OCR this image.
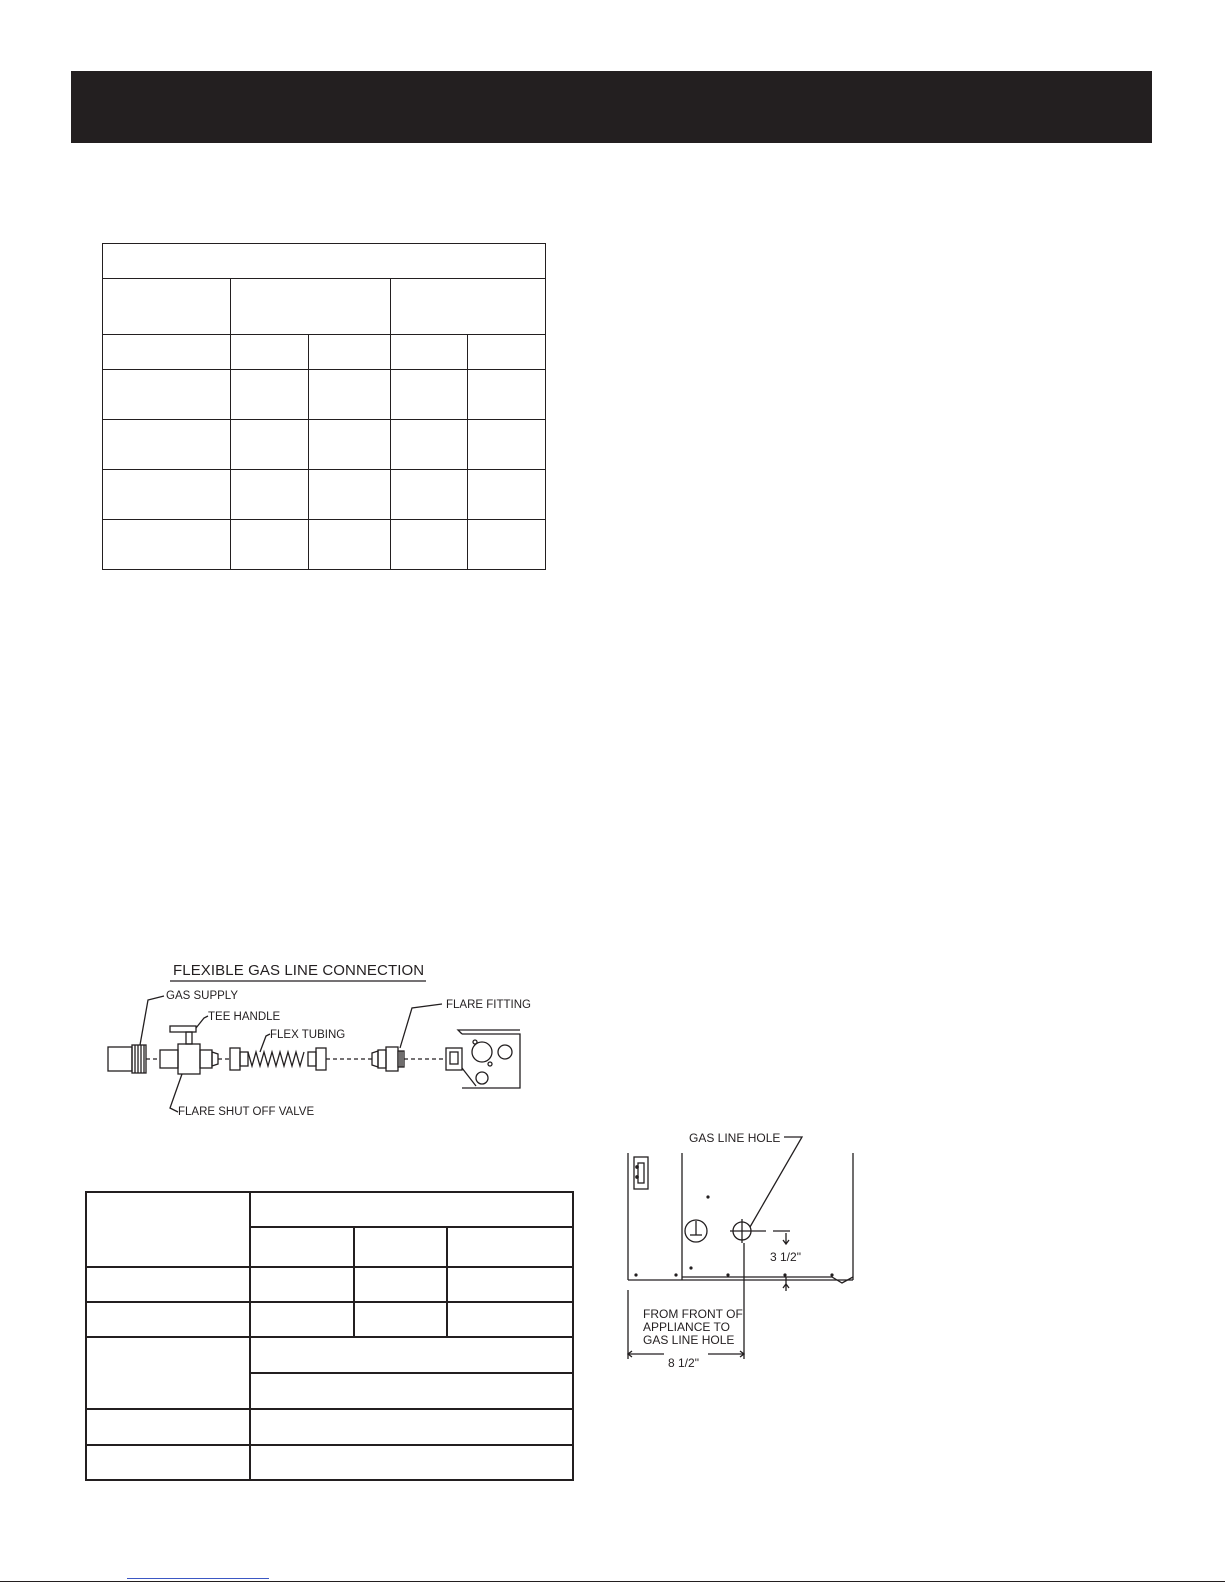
FLEXIBLE GAS LINE CONNECTION
GAS SUPPLY
TEE HANDLE
FLEX TUBING
FLARE FITTING
FLARE SHUT OFF VALVE

GAS LINE HOLE
3 1/2"
FROM FRONT OF
APPLIANCE TO
GAS LINE HOLE
8 1/2"
